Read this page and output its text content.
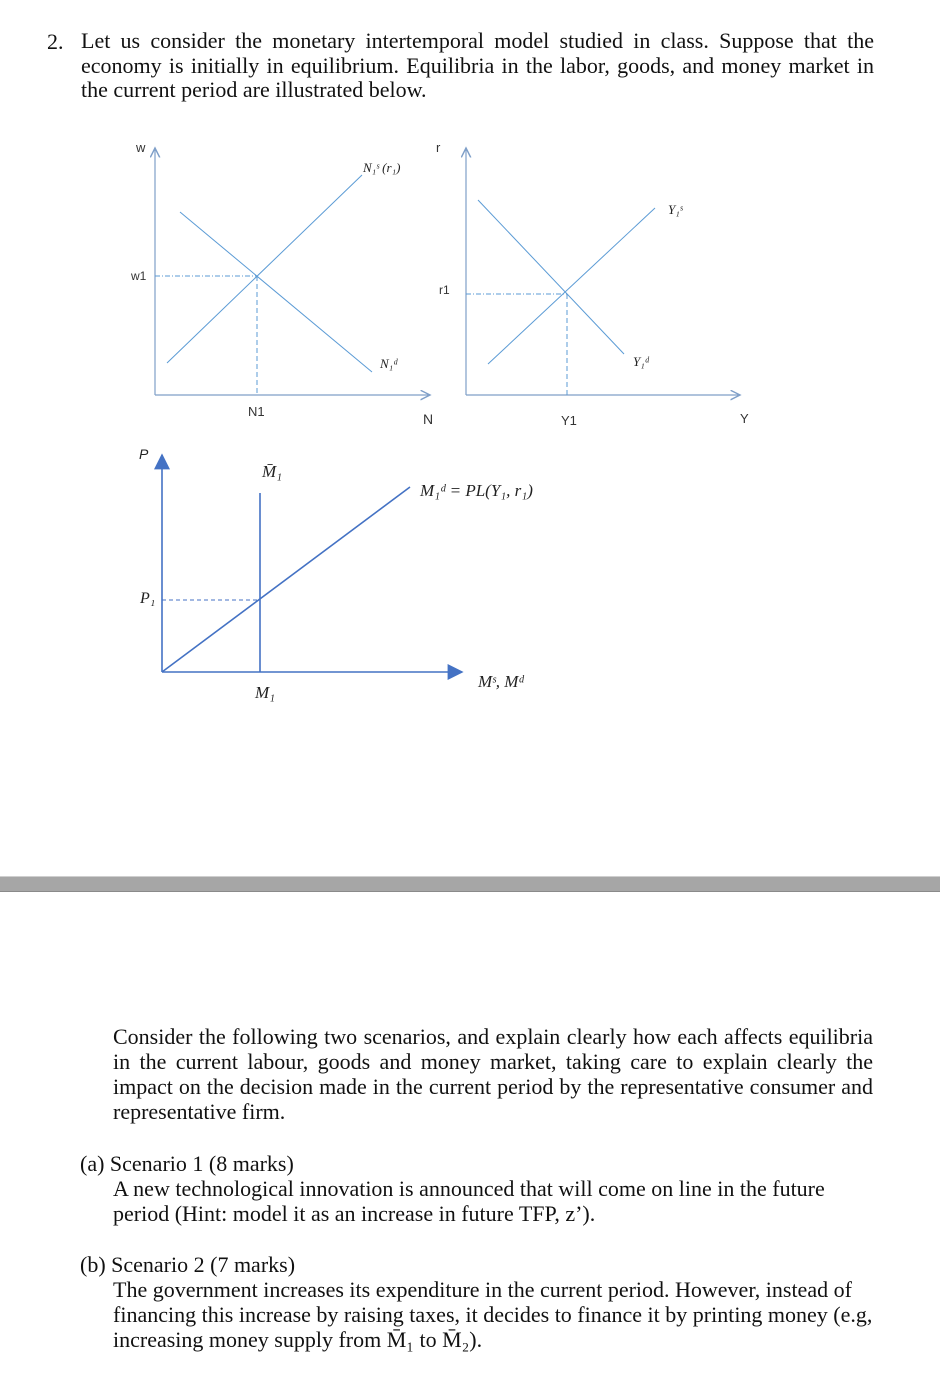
2. Let us consider the monetary intertemporal model studied in class. Suppose that the economy is initially in equilibrium. Equilibria in the labor, goods, and money market in the current period are illustrated below.
w
w1
N1	N
N₁ˢ (r₁)
N₁ᵈ
r
r1
Y1	Y
Y₁ˢ
Y₁ᵈ
P
P₁
M̄₁
M₁
M₁ᵈ = PL(Y₁, r₁)
Mˢ, Mᵈ
Consider the following two scenarios, and explain clearly how each affects equilibria in the current labour, goods and money market, taking care to explain clearly the impact on the decision made in the current period by the representative consumer and representative firm.
(a) Scenario 1 (8 marks)
A new technological innovation is announced that will come on line in the future period (Hint: model it as an increase in future TFP, z’).
(b) Scenario 2 (7 marks)
The government increases its expenditure in the current period. However, instead of financing this increase by raising taxes, it decides to finance it by printing money (e.g, increasing money supply from M̄₁ to M̄₂).
